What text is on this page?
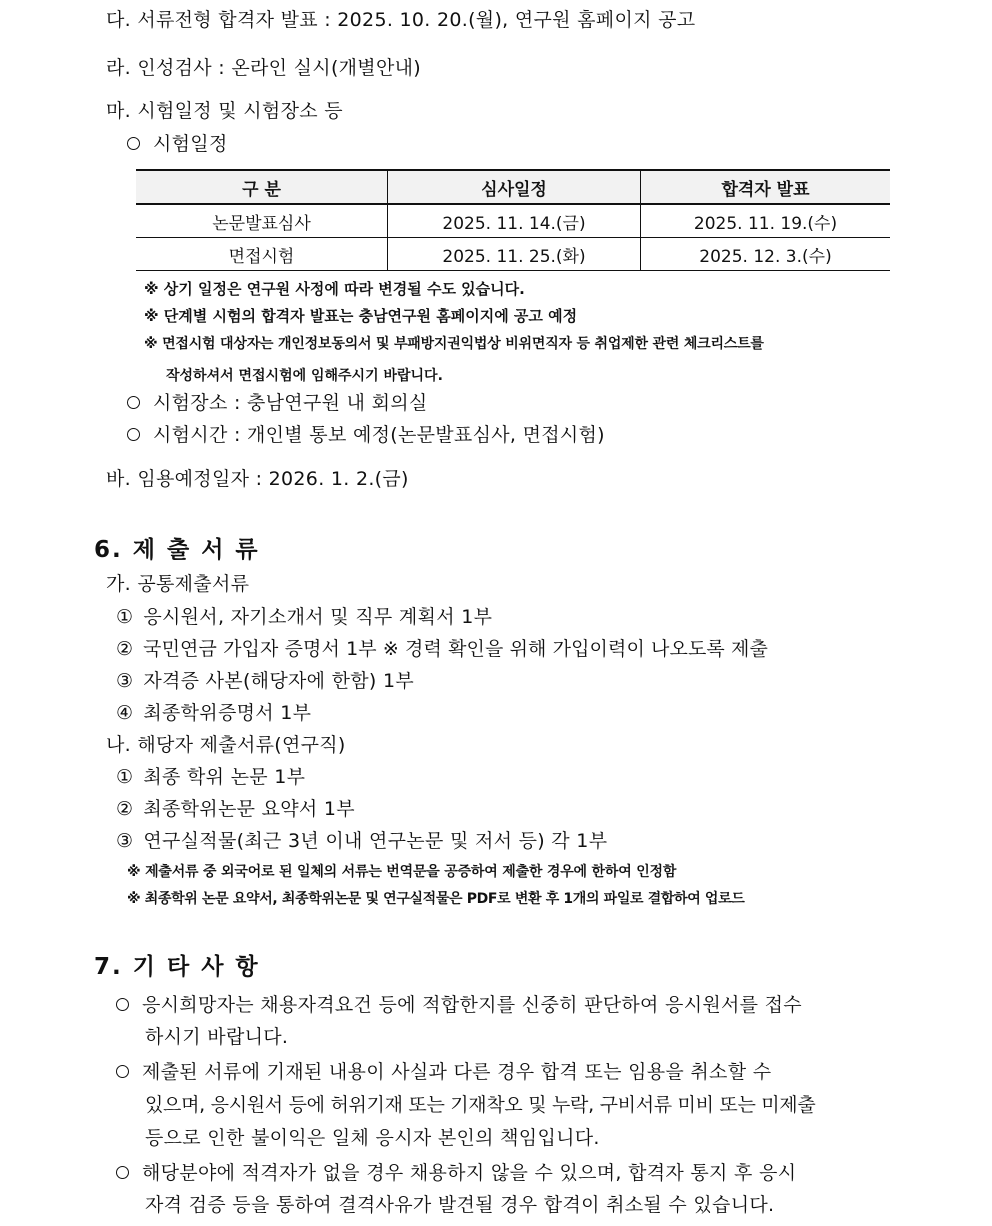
다. 서류전형 합격자 발표 : 2025. 10. 20.(월), 연구원 홈페이지 공고
라. 인성검사 : 온라인 실시(개별안내)
마. 시험일정 및 시험장소 등
시험일정
구 분	심사일정	합격자 발표
논문발표심사	2025. 11. 14.(금)	2025. 11. 19.(수)
면접시험	2025. 11. 25.(화)	2025. 12. 3.(수)
※ 상기 일정은 연구원 사정에 따라 변경될 수도 있습니다.
※ 단계별 시험의 합격자 발표는 충남연구원 홈페이지에 공고 예정
※ 면접시험 대상자는 개인정보동의서 및 부패방지권익법상 비위면직자 등 취업제한 관련 체크리스트를
작성하셔서 면접시험에 임해주시기 바랍니다.
시험장소 : 충남연구원 내 회의실
시험시간 : 개인별 통보 예정(논문발표심사, 면접시험)
바. 임용예정일자 : 2026. 1. 2.(금)
6. 제 출 서 류
가. 공통제출서류
① 응시원서, 자기소개서 및 직무 계획서 1부
② 국민연금 가입자 증명서 1부 ※ 경력 확인을 위해 가입이력이 나오도록 제출
③ 자격증 사본(해당자에 한함) 1부
④ 최종학위증명서 1부
나. 해당자 제출서류(연구직)
① 최종 학위 논문 1부
② 최종학위논문 요약서 1부
③ 연구실적물(최근 3년 이내 연구논문 및 저서 등) 각 1부
※ 제출서류 중 외국어로 된 일체의 서류는 번역문을 공증하여 제출한 경우에 한하여 인정함
※ 최종학위 논문 요약서, 최종학위논문 및 연구실적물은 PDF로 변환 후 1개의 파일로 결합하여 업로드
7. 기 타 사 항
응시희망자는 채용자격요건 등에 적합한지를 신중히 판단하여 응시원서를 접수
하시기 바랍니다.
제출된 서류에 기재된 내용이 사실과 다른 경우 합격 또는 임용을 취소할 수
있으며, 응시원서 등에 허위기재 또는 기재착오 및 누락, 구비서류 미비 또는 미제출
등으로 인한 불이익은 일체 응시자 본인의 책임입니다.
해당분야에 적격자가 없을 경우 채용하지 않을 수 있으며, 합격자 통지 후 응시
자격 검증 등을 통하여 결격사유가 발견될 경우 합격이 취소될 수 있습니다.
